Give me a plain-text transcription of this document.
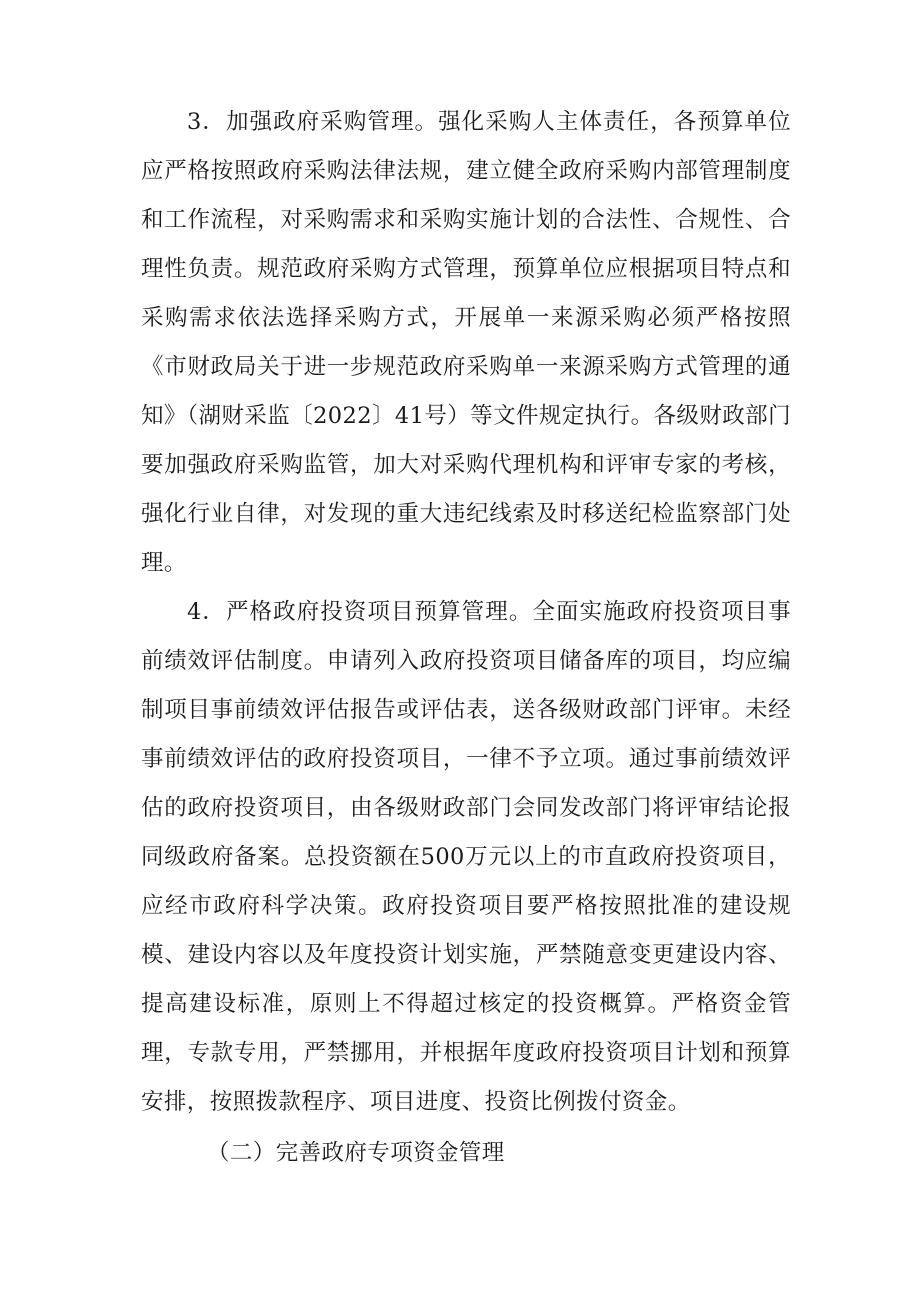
3．加强政府采购管理。强化采购人主体责任，各预算单位应严格按照政府采购法律法规，建立健全政府采购内部管理制度和工作流程，对采购需求和采购实施计划的合法性、合规性、合理性负责。规范政府采购方式管理，预算单位应根据项目特点和采购需求依法选择采购方式，开展单一来源采购必须严格按照《市财政局关于进一步规范政府采购单一来源采购方式管理的通知》（湖财采监〔2022〕41号）等文件规定执行。各级财政部门要加强政府采购监管，加大对采购代理机构和评审专家的考核，强化行业自律，对发现的重大违纪线索及时移送纪检监察部门处理。

4．严格政府投资项目预算管理。全面实施政府投资项目事前绩效评估制度。申请列入政府投资项目储备库的项目，均应编制项目事前绩效评估报告或评估表，送各级财政部门评审。未经事前绩效评估的政府投资项目，一律不予立项。通过事前绩效评估的政府投资项目，由各级财政部门会同发改部门将评审结论报同级政府备案。总投资额在500万元以上的市直政府投资项目，应经市政府科学决策。政府投资项目要严格按照批准的建设规模、建设内容以及年度投资计划实施，严禁随意变更建设内容、提高建设标准，原则上不得超过核定的投资概算。严格资金管理，专款专用，严禁挪用，并根据年度政府投资项目计划和预算安排，按照拨款程序、项目进度、投资比例拨付资金。

（二）完善政府专项资金管理
